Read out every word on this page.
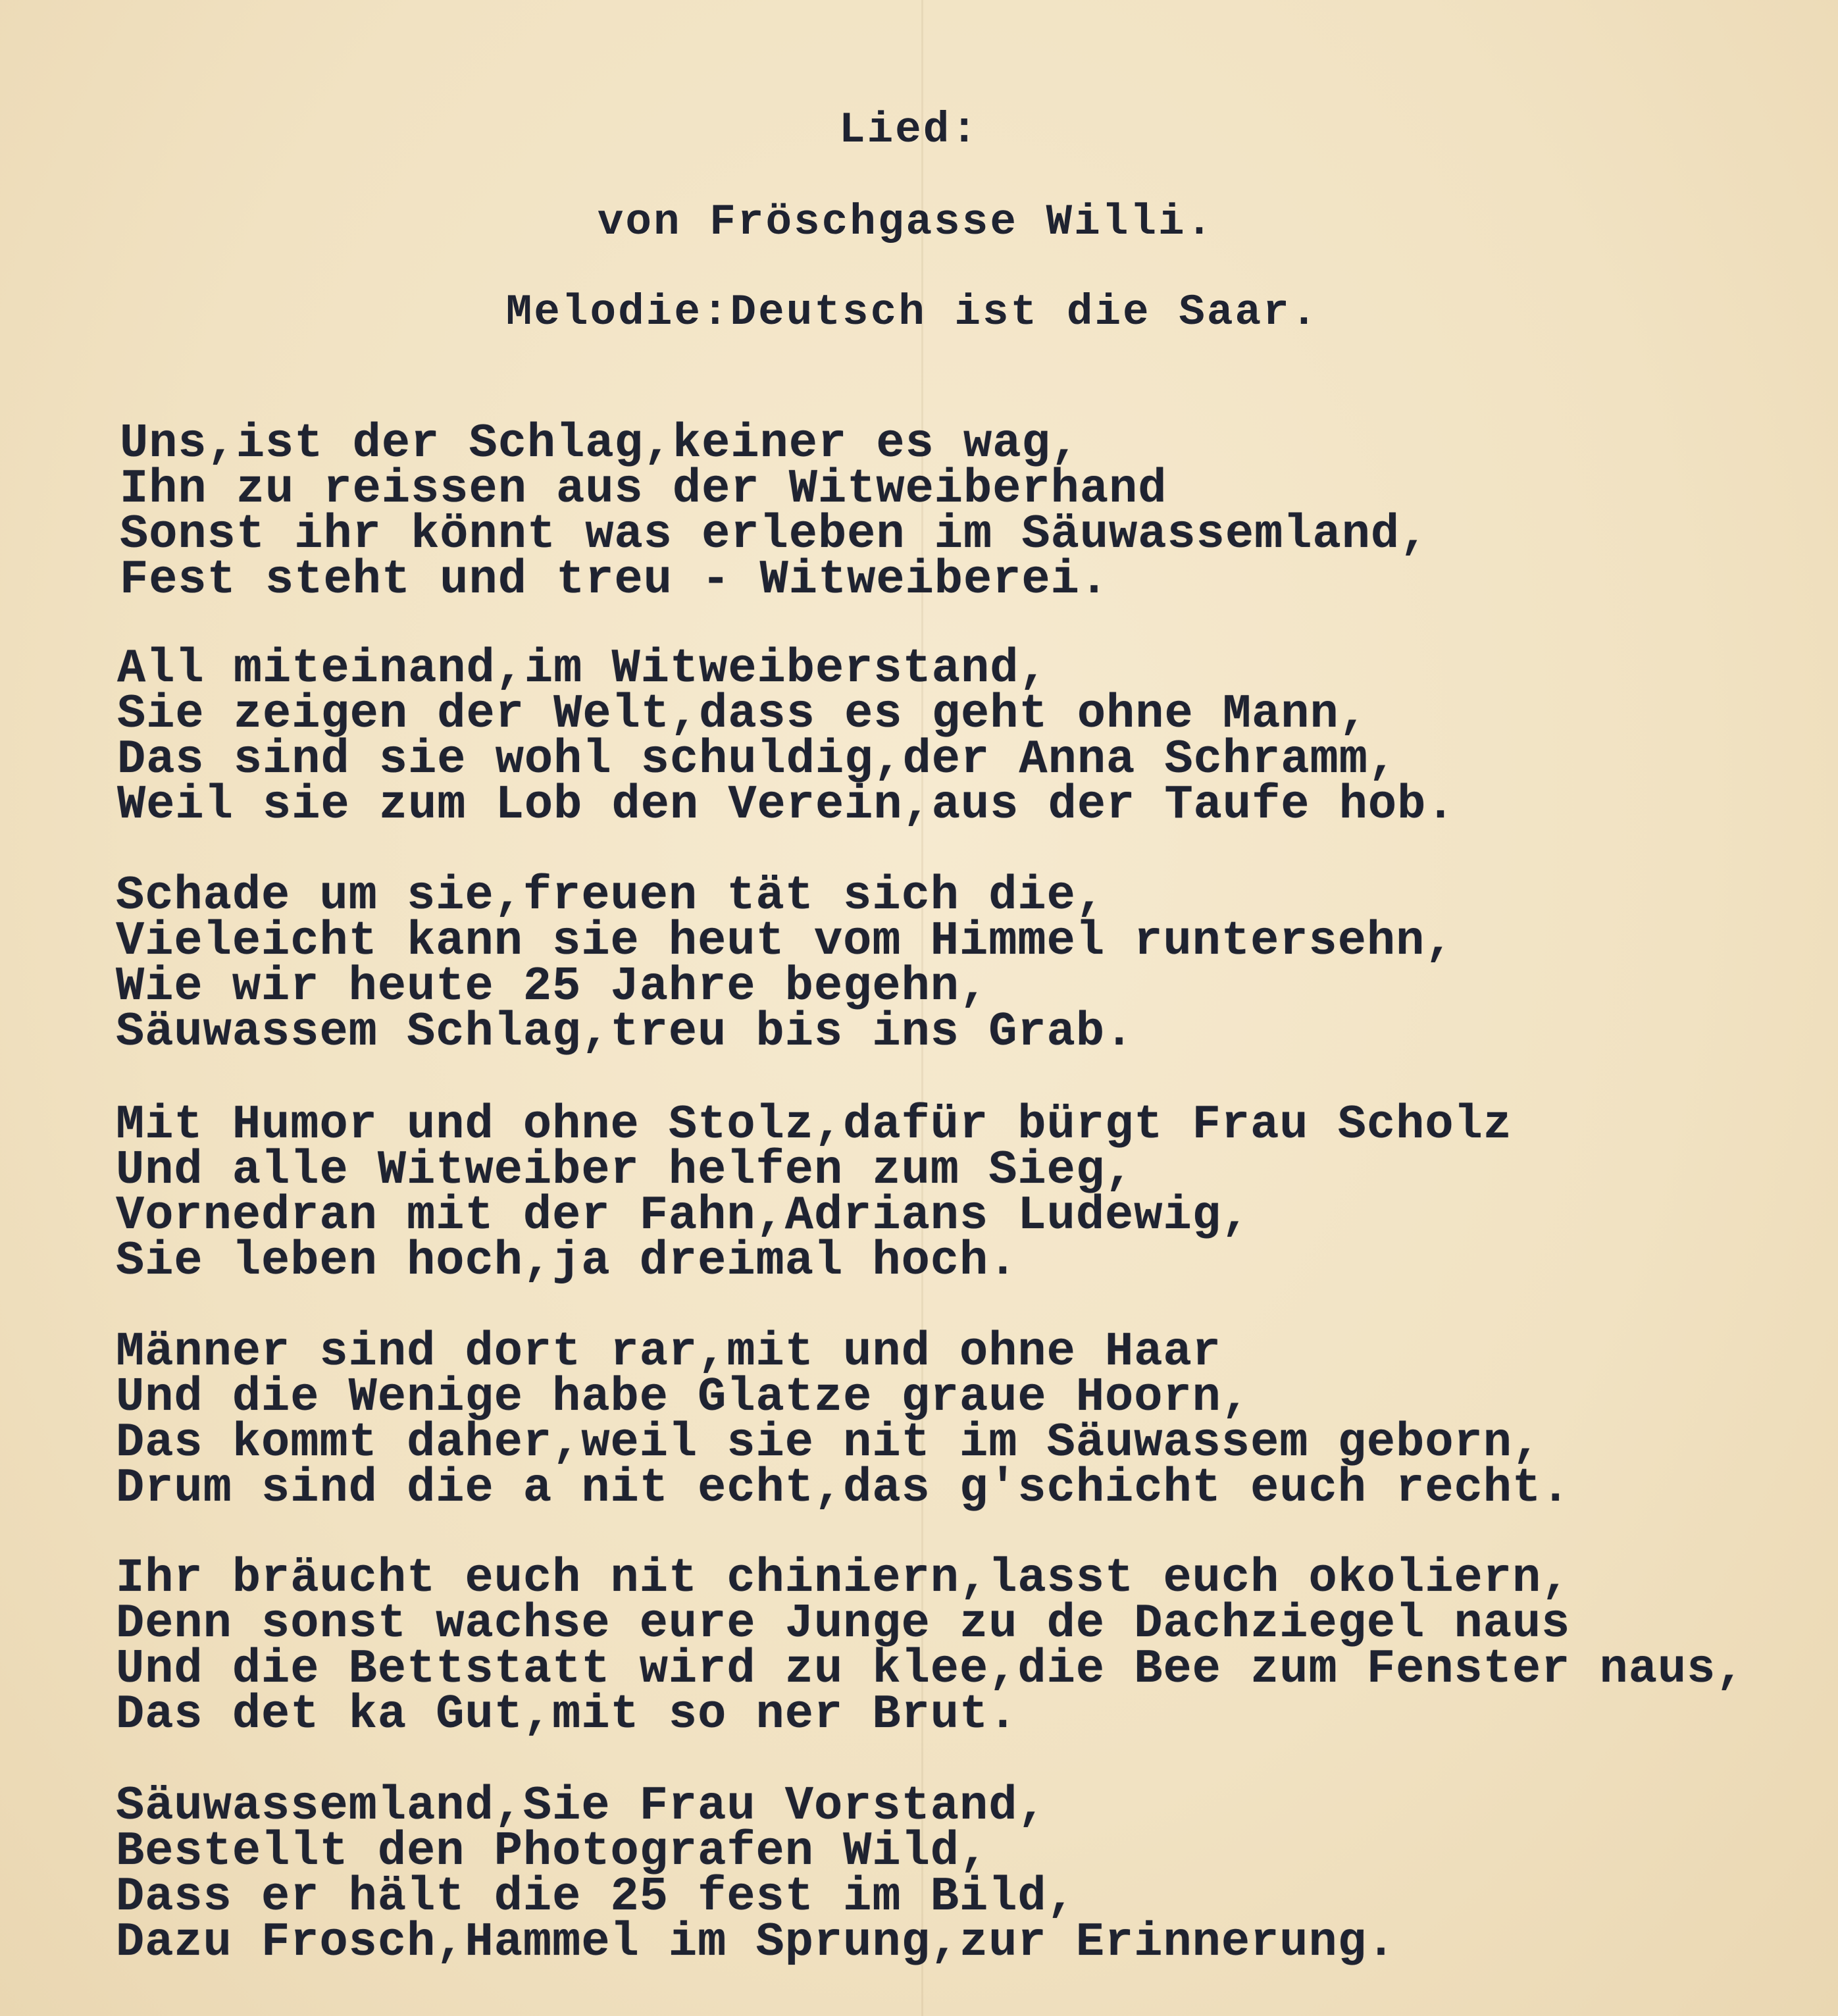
Lied:
von Fröschgasse Willi.
Melodie:Deutsch ist die Saar.
Uns,ist der Schlag,keiner es wag,
Ihn zu reissen aus der Witweiberhand
Sonst ihr könnt was erleben im Säuwassemland,
Fest steht und treu - Witweiberei.
All miteinand,im Witweiberstand,
Sie zeigen der Welt,dass es geht ohne Mann,
Das sind sie wohl schuldig,der Anna Schramm,
Weil sie zum Lob den Verein,aus der Taufe hob.
Schade um sie,freuen tät sich die,
Vieleicht kann sie heut vom Himmel runtersehn,
Wie wir heute 25 Jahre begehn,
Säuwassem Schlag,treu bis ins Grab.
Mit Humor und ohne Stolz,dafür bürgt Frau Scholz
Und alle Witweiber helfen zum Sieg,
Vornedran mit der Fahn,Adrians Ludewig,
Sie leben hoch,ja dreimal hoch.
Männer sind dort rar,mit und ohne Haar
Und die Wenige habe Glatze graue Hoorn,
Das kommt daher,weil sie nit im Säuwassem geborn,
Drum sind die a nit echt,das g'schicht euch recht.
Ihr bräucht euch nit chiniern,lasst euch okoliern,
Denn sonst wachse eure Junge zu de Dachziegel naus
Und die Bettstatt wird zu klee,die Bee zum Fenster naus,
Das det ka Gut,mit so ner Brut.
Säuwassemland,Sie Frau Vorstand,
Bestellt den Photografen Wild,
Dass er hält die 25 fest im Bild,
Dazu Frosch,Hammel im Sprung,zur Erinnerung.
